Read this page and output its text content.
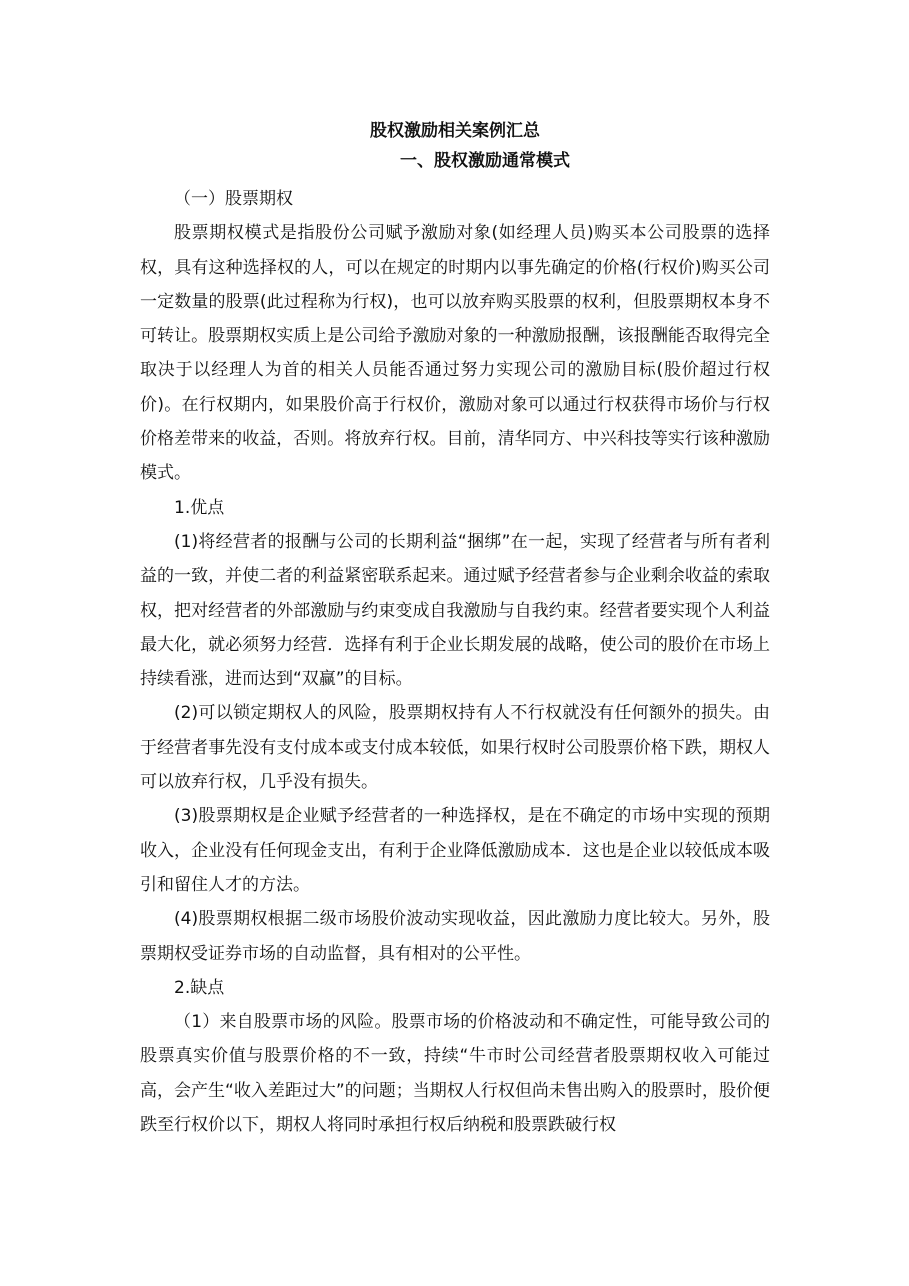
股权激励相关案例汇总
一、股权激励通常模式

（一）股票期权

股票期权模式是指股份公司赋予激励对象(如经理人员)购买本公司股票的选择权，具有这种选择权的人，可以在规定的时期内以事先确定的价格(行权价)购买公司一定数量的股票(此过程称为行权)，也可以放弃购买股票的权利，但股票期权本身不可转让。股票期权实质上是公司给予激励对象的一种激励报酬，该报酬能否取得完全取决于以经理人为首的相关人员能否通过努力实现公司的激励目标(股价超过行权价)。在行权期内，如果股价高于行权价，激励对象可以通过行权获得市场价与行权价格差带来的收益，否则。将放弃行权。目前，清华同方、中兴科技等实行该种激励模式。

1.优点

(1)将经营者的报酬与公司的长期利益“捆绑”在一起，实现了经营者与所有者利益的一致，并使二者的利益紧密联系起来。通过赋予经营者参与企业剩余收益的索取权，把对经营者的外部激励与约束变成自我激励与自我约束。经营者要实现个人利益最大化，就必须努力经营．选择有利于企业长期发展的战略，使公司的股价在市场上持续看涨，进而达到“双赢”的目标。

(2)可以锁定期权人的风险，股票期权持有人不行权就没有任何额外的损失。由于经营者事先没有支付成本或支付成本较低，如果行权时公司股票价格下跌，期权人可以放弃行权，几乎没有损失。

(3)股票期权是企业赋予经营者的一种选择权，是在不确定的市场中实现的预期收入，企业没有任何现金支出，有利于企业降低激励成本．这也是企业以较低成本吸引和留住人才的方法。

(4)股票期权根据二级市场股价波动实现收益，因此激励力度比较大。另外，股票期权受证券市场的自动监督，具有相对的公平性。

2.缺点

（1）来自股票市场的风险。股票市场的价格波动和不确定性，可能导致公司的股票真实价值与股票价格的不一致，持续“牛市时公司经营者股票期权收入可能过高，会产生“收入差距过大”的问题；当期权人行权但尚未售出购入的股票时，股价便跌至行权价以下，期权人将同时承担行权后纳税和股票跌破行权
